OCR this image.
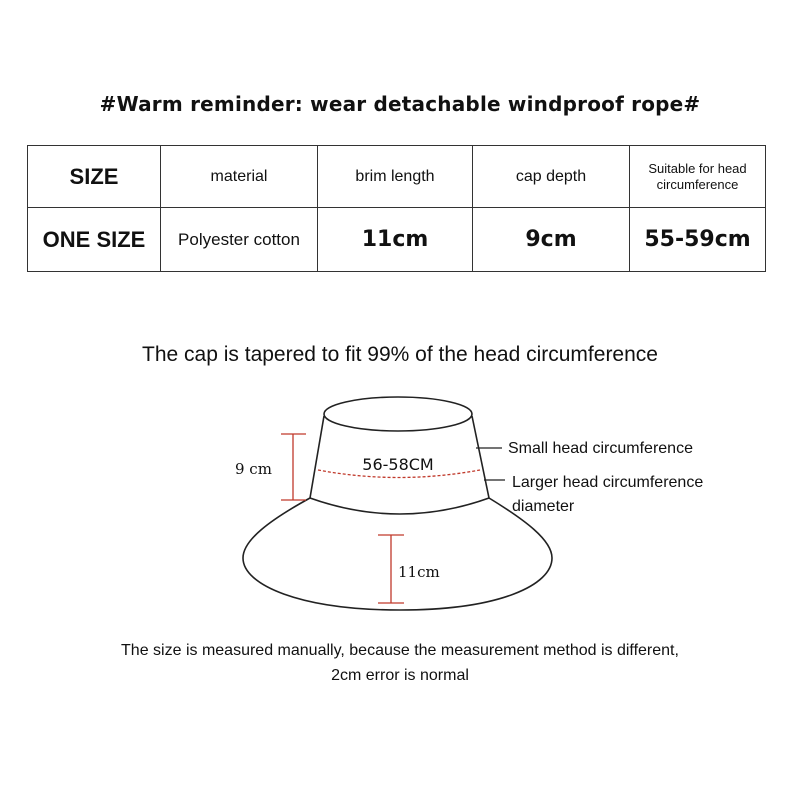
#Warm reminder: wear detachable windproof rope#
SIZE	material	brim length	cap depth	Suitable for head
circumference
ONE SIZE	Polyester cotton	11cm	9cm	55-59cm
The cap is tapered to fit 99% of the head circumference
56-58CM
9 cm
11cm
Small head circumference
Larger head circumference
diameter
The size is measured manually, because the measurement method is different,
2cm error is normal
